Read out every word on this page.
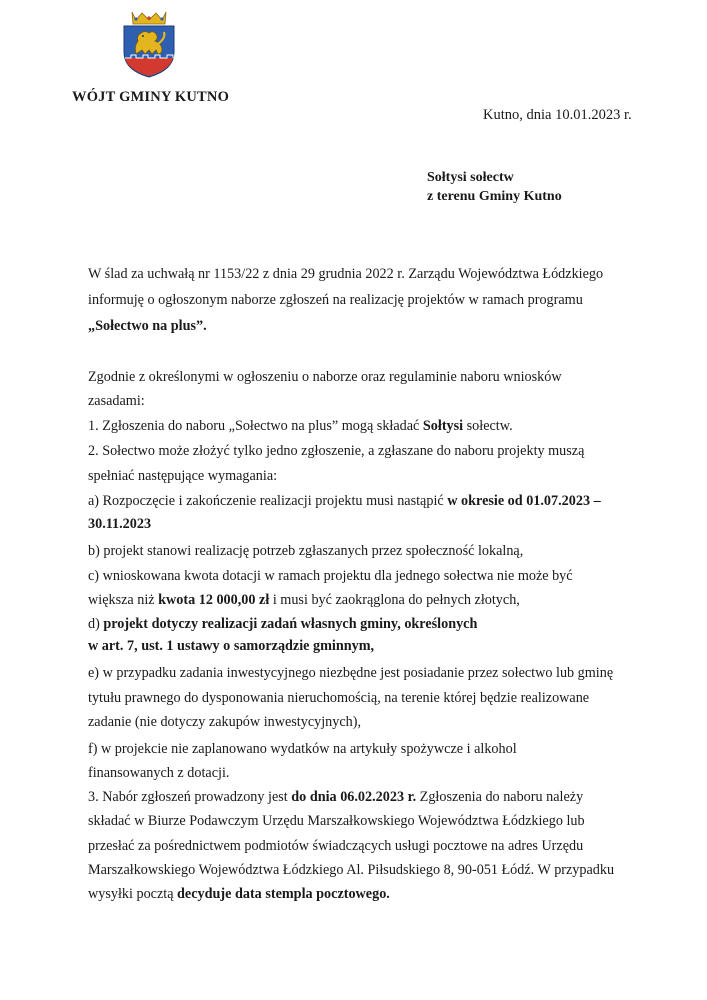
WÓJT GMINY KUTNO
Kutno, dnia 10.01.2023 r.
Sołtysi sołectw
z terenu Gminy Kutno
W ślad za uchwałą nr 1153/22 z dnia 29 grudnia 2022 r. Zarządu Województwa Łódzkiego
informuję o ogłoszonym naborze zgłoszeń na realizację projektów w ramach programu
„Sołectwo na plus”.
Zgodnie z określonymi w ogłoszeniu o naborze oraz regulaminie naboru wniosków
zasadami:
1. Zgłoszenia do naboru „Sołectwo na plus” mogą składać Sołtysi sołectw.
2. Sołectwo może złożyć tylko jedno zgłoszenie, a zgłaszane do naboru projekty muszą
spełniać następujące wymagania:
a) Rozpoczęcie i zakończenie realizacji projektu musi nastąpić w okresie od 01.07.2023 –
30.11.2023
b) projekt stanowi realizację potrzeb zgłaszanych przez społeczność lokalną,
c) wnioskowana kwota dotacji w ramach projektu dla jednego sołectwa nie może być
większa niż kwota 12 000,00 zł i musi być zaokrąglona do pełnych złotych,
d) projekt dotyczy realizacji zadań własnych gminy, określonych
w art. 7, ust. 1 ustawy o samorządzie gminnym,
e) w przypadku zadania inwestycyjnego niezbędne jest posiadanie przez sołectwo lub gminę
tytułu prawnego do dysponowania nieruchomością, na terenie której będzie realizowane
zadanie (nie dotyczy zakupów inwestycyjnych),
f) w projekcie nie zaplanowano wydatków na artykuły spożywcze i alkohol
finansowanych z dotacji.
3. Nabór zgłoszeń prowadzony jest do dnia 06.02.2023 r. Zgłoszenia do naboru należy
składać w Biurze Podawczym Urzędu Marszałkowskiego Województwa Łódzkiego lub
przesłać za pośrednictwem podmiotów świadczących usługi pocztowe na adres Urzędu
Marszałkowskiego Województwa Łódzkiego Al. Piłsudskiego 8, 90-051 Łódź. W przypadku
wysyłki pocztą decyduje data stempla pocztowego.
